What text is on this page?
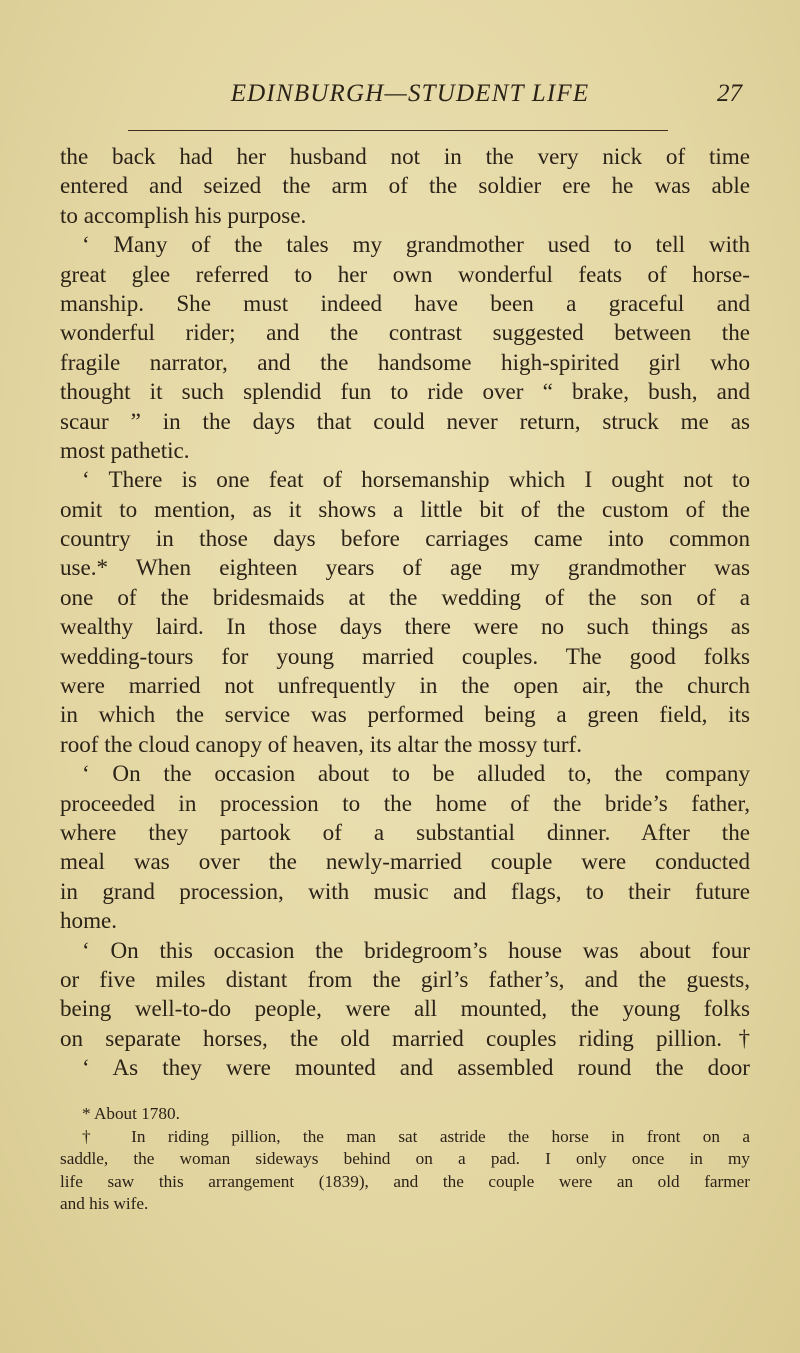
EDINBURGH—STUDENT LIFE	27
the back had her husband not in the very nick of time
entered and seized the arm of the soldier ere he was able
to accomplish his purpose.
‘ Many of the tales my grandmother used to tell with
great glee referred to her own wonderful feats of horse-
manship. She must indeed have been a graceful and
wonderful rider; and the contrast suggested between the
fragile narrator, and the handsome high-spirited girl who
thought it such splendid fun to ride over “ brake, bush, and
scaur ” in the days that could never return, struck me as
most pathetic.
‘ There is one feat of horsemanship which I ought not to
omit to mention, as it shows a little bit of the custom of the
country in those days before carriages came into common
use.* When eighteen years of age my grandmother was
one of the bridesmaids at the wedding of the son of a
wealthy laird. In those days there were no such things as
wedding-tours for young married couples. The good folks
were married not unfrequently in the open air, the church
in which the service was performed being a green field, its
roof the cloud canopy of heaven, its altar the mossy turf.
‘ On the occasion about to be alluded to, the company
proceeded in procession to the home of the bride’s father,
where they partook of a substantial dinner. After the
meal was over the newly-married couple were conducted
in grand procession, with music and flags, to their future
home.
‘ On this occasion the bridegroom’s house was about four
or five miles distant from the girl’s father’s, and the guests,
being well-to-do people, were all mounted, the young folks
on separate horses, the old married couples riding pillion.†
‘ As they were mounted and assembled round the door
* About 1780.
† In riding pillion, the man sat astride the horse in front on a
saddle, the woman sideways behind on a pad. I only once in my
life saw this arrangement (1839), and the couple were an old farmer
and his wife.
